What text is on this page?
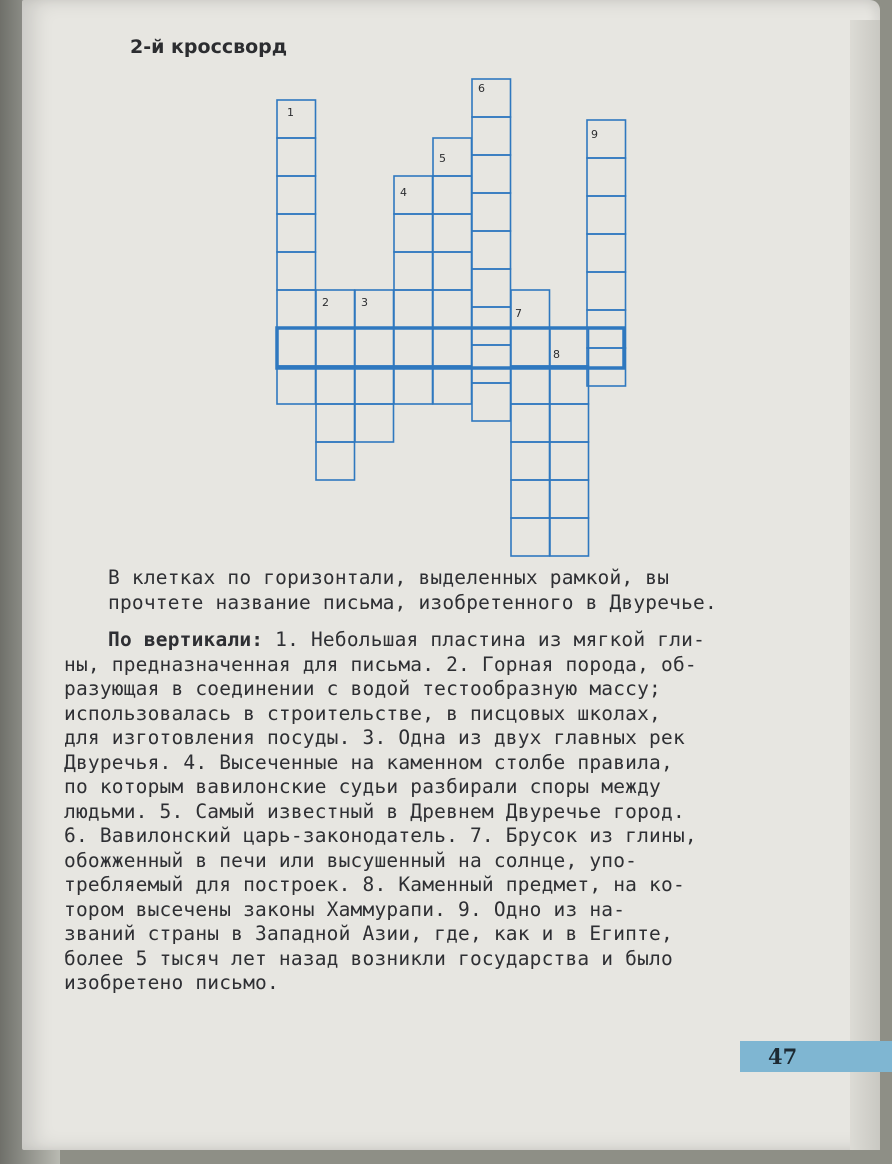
2-й кроссворд
1
2	3
4
5
6
7
8
9
В клетках по горизонтали, выделенных рамкой, вы
прочтете название письма, изобретенного в Двуречье.
По вертикали: 1. Небольшая пластина из мягкой гли-
ны, предназначенная для письма. 2. Горная порода, об-
разующая в соединении с водой тестообразную массу;
использовалась в строительстве, в писцовых школах,
для изготовления посуды. 3. Одна из двух главных рек
Двуречья. 4. Высеченные на каменном столбе правила,
по которым вавилонские судьи разбирали споры между
людьми. 5. Самый известный в Древнем Двуречье город.
6. Вавилонский царь-законодатель. 7. Брусок из глины,
обожженный в печи или высушенный на солнце, упо-
требляемый для построек. 8. Каменный предмет, на ко-
тором высечены законы Хаммурапи. 9. Одно из на-
званий страны в Западной Азии, где, как и в Египте,
более 5 тысяч лет назад возникли государства и было
изобретено письмо.
47
